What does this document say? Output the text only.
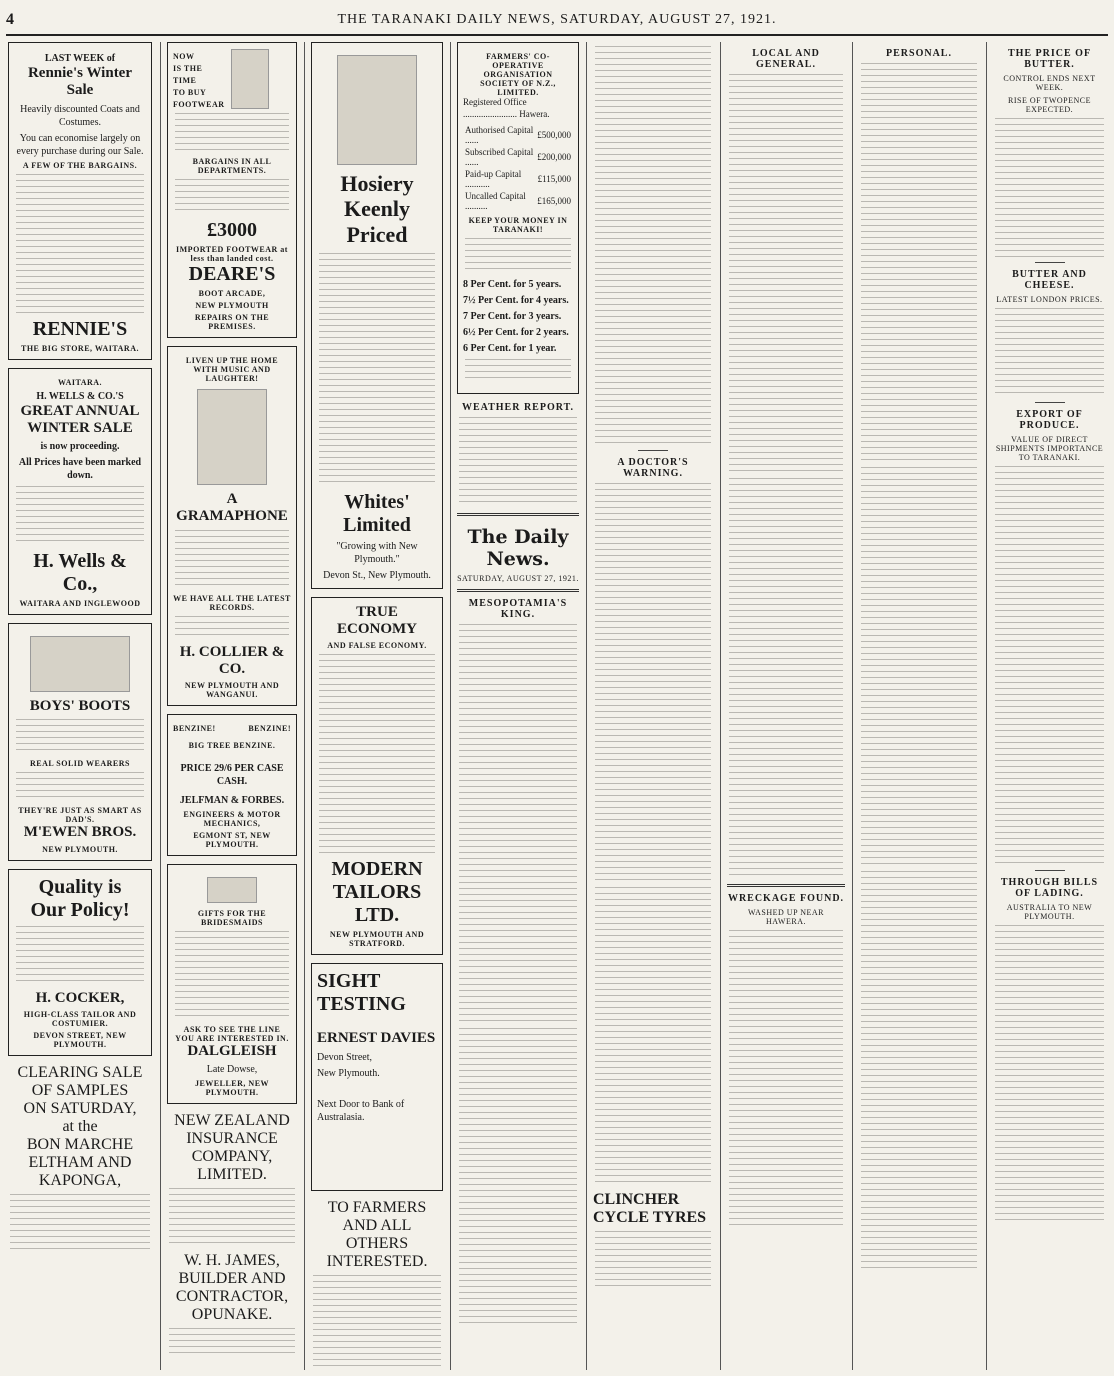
4	THE TARANAKI DAILY NEWS, SATURDAY, AUGUST 27, 1921.
LAST WEEK of
Rennie's Winter Sale
Heavily discounted Coats and Costumes.
You can economise largely on every purchase during our Sale.
A FEW OF THE BARGAINS.
RENNIE'S
THE BIG STORE, WAITARA.
WAITARA.
H. WELLS & CO.'S
GREAT ANNUAL WINTER SALE
is now proceeding.
All Prices have been marked down.
H. Wells & Co.,
WAITARA AND INGLEWOOD
BOYS' BOOTS
REAL SOLID WEARERS
THEY'RE JUST AS SMART AS DAD'S.
M'EWEN BROS.
NEW PLYMOUTH.
Quality is
Our Policy!
H. COCKER,
HIGH-CLASS TAILOR AND COSTUMIER.
DEVON STREET, NEW PLYMOUTH.
CLEARING SALE OF SAMPLES
ON SATURDAY,
at the
BON MARCHE
ELTHAM AND KAPONGA,
NOW
IS THE
TIME
TO BUY
FOOTWEAR
BARGAINS IN ALL DEPARTMENTS.
£3000
IMPORTED FOOTWEAR at less than landed cost.
DEARE'S
BOOT ARCADE,
NEW PLYMOUTH
REPAIRS ON THE PREMISES.
LIVEN UP THE HOME WITH MUSIC AND LAUGHTER!
A GRAMAPHONE
WE HAVE ALL THE LATEST RECORDS.
H. COLLIER & CO.
NEW PLYMOUTH AND WANGANUI.
BENZINE!	BENZINE!
BIG TREE BENZINE.
PRICE 29/6 PER CASE CASH.
JELFMAN & FORBES.
ENGINEERS & MOTOR MECHANICS,
EGMONT ST, NEW PLYMOUTH.
GIFTS FOR THE BRIDESMAIDS
ASK TO SEE THE LINE YOU ARE INTERESTED IN.
DALGLEISH
Late Dowse,
JEWELLER, NEW PLYMOUTH.
NEW ZEALAND INSURANCE COMPANY, LIMITED.
W. H. JAMES,
BUILDER AND CONTRACTOR, OPUNAKE.
Hosiery Keenly Priced
Whites' Limited
"Growing with New Plymouth."
Devon St., New Plymouth.
TRUE ECONOMY
AND FALSE ECONOMY.
MODERN TAILORS LTD.
NEW PLYMOUTH AND STRATFORD.
SIGHT
TESTING
ERNEST DAVIES
Devon Street,
New Plymouth.
Next Door to Bank of Australasia.
TO FARMERS AND ALL OTHERS INTERESTED.
FARMERS' CO-OPERATIVE ORGANISATION SOCIETY OF N.Z., LIMITED.
Registered Office ........................ Hawera.
Authorised Capital ......	£500,000
Subscribed Capital ......	£200,000
Paid-up Capital ...........	£115,000
Uncalled Capital ..........	£165,000
KEEP YOUR MONEY IN TARANAKI!
8 Per Cent. for 5 years.
7½ Per Cent. for 4 years.
7 Per Cent. for 3 years.
6½ Per Cent. for 2 years.
6 Per Cent. for 1 year.
WEATHER REPORT.
The Daily News.
SATURDAY, AUGUST 27, 1921.
MESOPOTAMIA'S KING.
A DOCTOR'S WARNING.
CLINCHER CYCLE TYRES
LOCAL AND GENERAL.
WRECKAGE FOUND.
WASHED UP NEAR HAWERA.
PERSONAL.	THE PRICE OF BUTTER.
CONTROL ENDS NEXT WEEK.
RISE OF TWOPENCE EXPECTED.
BUTTER AND CHEESE.
LATEST LONDON PRICES.
EXPORT OF PRODUCE.
VALUE OF DIRECT SHIPMENTS IMPORTANCE TO TARANAKI.
THROUGH BILLS OF LADING.
AUSTRALIA TO NEW PLYMOUTH.
